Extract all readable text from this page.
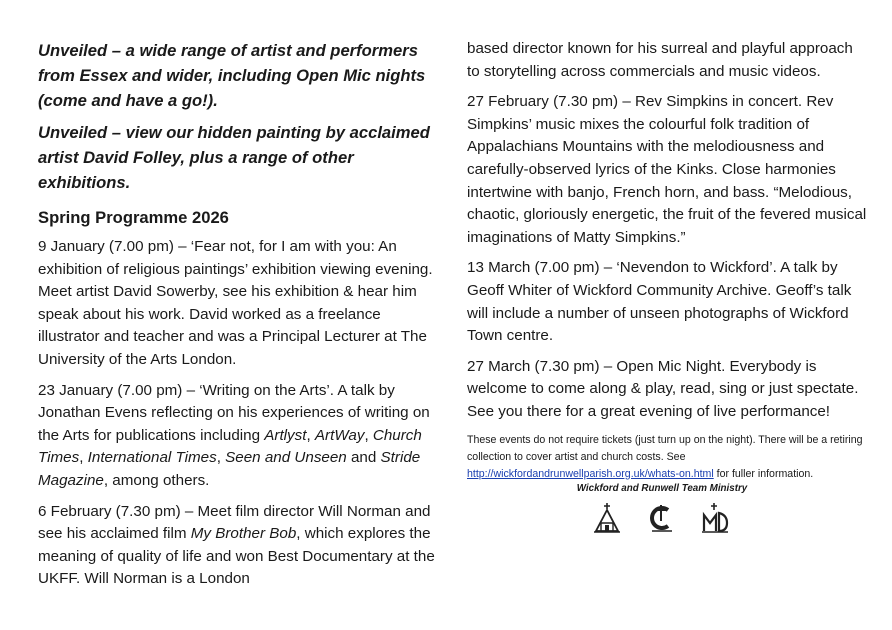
Unveiled – a wide range of artist and performers from Essex and wider, including Open Mic nights (come and have a go!).

Unveiled – view our hidden painting by acclaimed artist David Folley, plus a range of other exhibitions.

Spring Programme 2026

9 January (7.00 pm) – ‘Fear not, for I am with you: An exhibition of religious paintings’ exhibition viewing evening. Meet artist David Sowerby, see his exhibition & hear him speak about his work. David worked as a freelance illustrator and teacher and was a Principal Lecturer at The University of the Arts London.

23 January (7.00 pm) – ‘Writing on the Arts’. A talk by Jonathan Evens reflecting on his experiences of writing on the Arts for publications including Artlyst, ArtWay, Church Times, International Times, Seen and Unseen and Stride Magazine, among others.

6 February (7.30 pm) – Meet film director Will Norman and see his acclaimed film My Brother Bob, which explores the meaning of quality of life and won Best Documentary at the UKFF. Will Norman is a London

based director known for his surreal and playful approach to storytelling across commercials and music videos.

27 February (7.30 pm) – Rev Simpkins in concert. Rev Simpkins’ music mixes the colourful folk tradition of Appalachians Mountains with the melodiousness and carefully-observed lyrics of the Kinks. Close harmonies intertwine with banjo, French horn, and bass. “Melodious, chaotic, gloriously energetic, the fruit of the fevered musical imaginations of Matty Simpkins.”

13 March (7.00 pm) – ‘Nevendon to Wickford’. A talk by Geoff Whiter of Wickford Community Archive. Geoff’s talk will include a number of unseen photographs of Wickford Town centre.

27 March (7.30 pm) – Open Mic Night. Everybody is welcome to come along & play, read, sing or just spectate. See you there for a great evening of live performance!

These events do not require tickets (just turn up on the night). There will be a retiring collection to cover artist and church costs. See http://wickfordandrunwellparish.org.uk/whats-on.html for fuller information.

Wickford and Runwell Team Ministry
